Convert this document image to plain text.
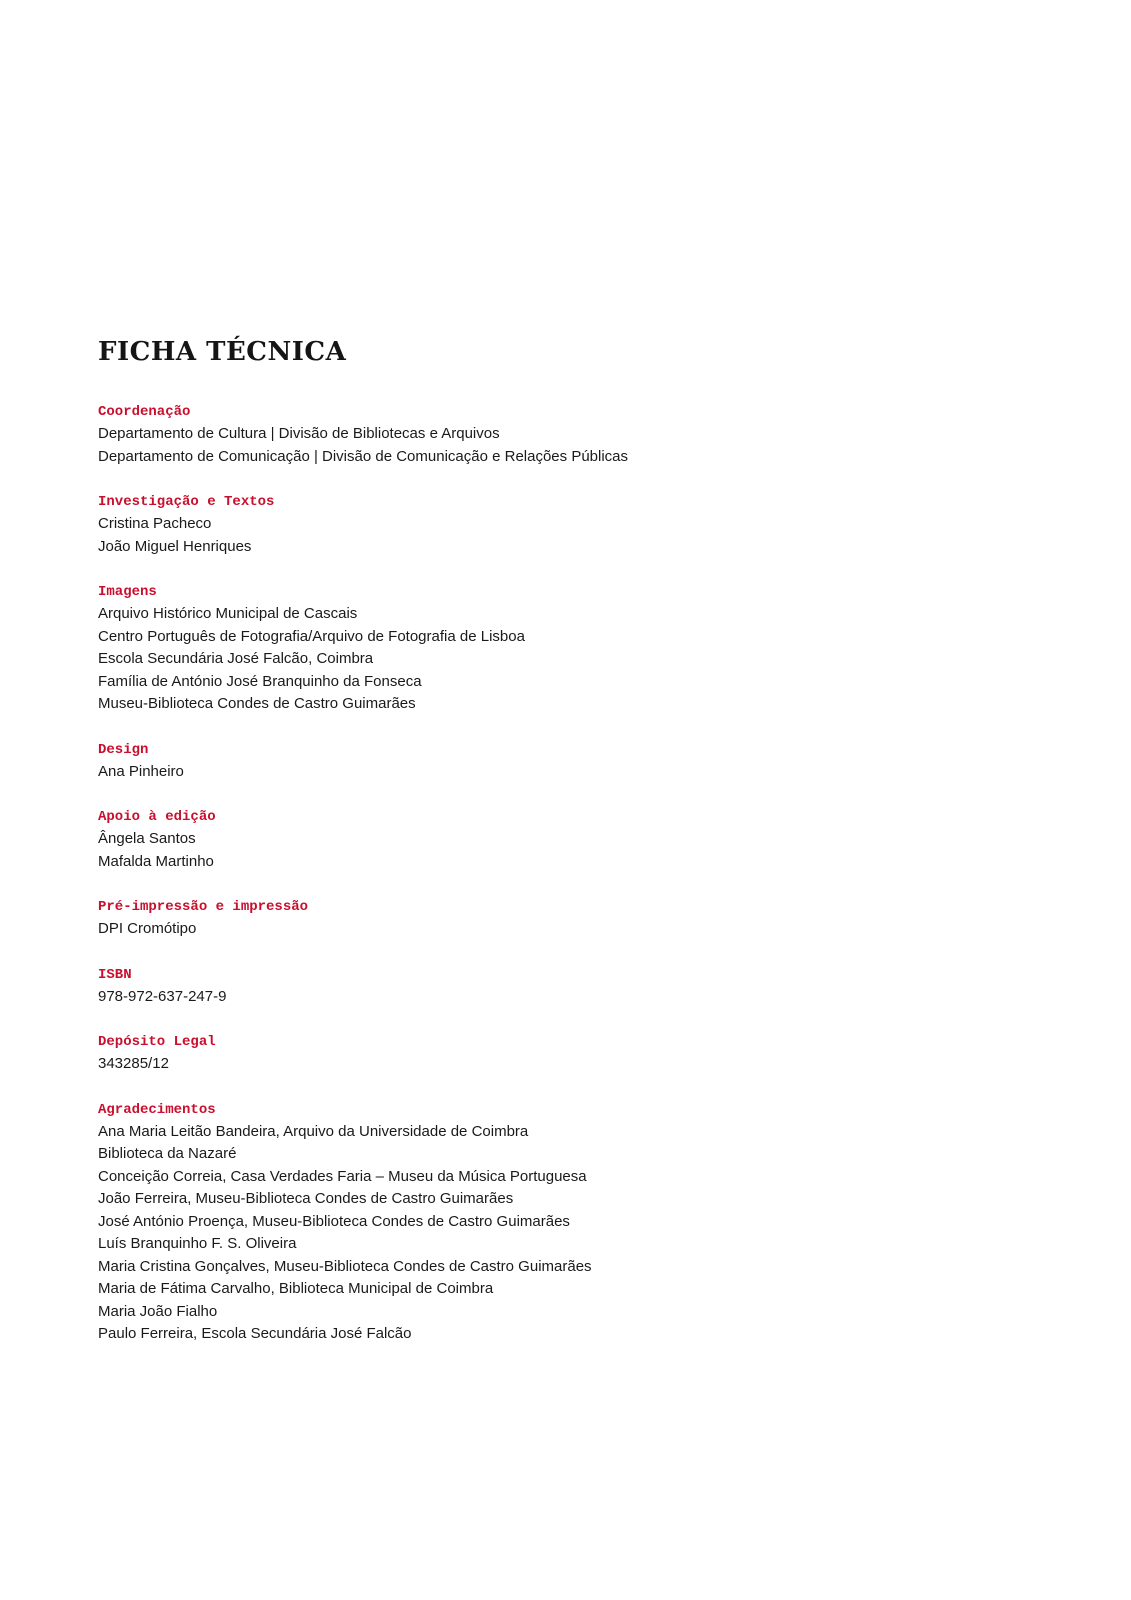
FICHA TÉCNICA
Coordenação
Departamento de Cultura | Divisão de Bibliotecas e Arquivos
Departamento de Comunicação | Divisão de Comunicação e Relações Públicas
Investigação e Textos
Cristina Pacheco
João Miguel Henriques
Imagens
Arquivo Histórico Municipal de Cascais
Centro Português de Fotografia/Arquivo de Fotografia de Lisboa
Escola Secundária José Falcão, Coimbra
Família de António José Branquinho da Fonseca
Museu-Biblioteca Condes de Castro Guimarães
Design
Ana Pinheiro
Apoio à edição
Ângela Santos
Mafalda Martinho
Pré-impressão e impressão
DPI Cromótipo
ISBN
978-972-637-247-9
Depósito Legal
343285/12
Agradecimentos
Ana Maria Leitão Bandeira, Arquivo da Universidade de Coimbra
Biblioteca da Nazaré
Conceição Correia, Casa Verdades Faria – Museu da Música Portuguesa
João Ferreira, Museu-Biblioteca Condes de Castro Guimarães
José António Proença, Museu-Biblioteca Condes de Castro Guimarães
Luís Branquinho F. S. Oliveira
Maria Cristina Gonçalves, Museu-Biblioteca Condes de Castro Guimarães
Maria de Fátima Carvalho, Biblioteca Municipal de Coimbra
Maria João Fialho
Paulo Ferreira, Escola Secundária José Falcão
